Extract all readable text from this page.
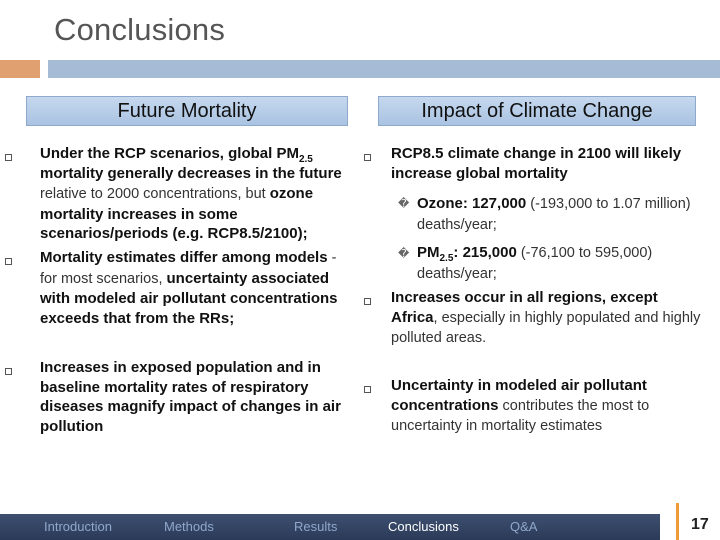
Conclusions
Future Mortality
Under the RCP scenarios, global $PM_{2.5}$ mortality generally decreases in the future relative to 2000 concentrations, but ozone mortality increases in some scenarios/periods (e.g. RCP8.5/2100);
Mortality estimates differ among models - for most scenarios, uncertainty associated with modeled air pollutant concentrations exceeds that from the RRs;
Increases in exposed population and in baseline mortality rates of respiratory diseases magnify impact of changes in air pollution
Impact of Climate Change
RCP8.5 climate change in 2100 will likely increase global mortality
� Ozone: 127,000 (-193,000 to 1.07 million) deaths/year;
� $PM_{2.5}$: 215,000 (-76,100 to 595,000) deaths/year;
Increases occur in all regions, except Africa, especially in highly populated and highly polluted areas.
Uncertainty in modeled air pollutant concentrations contributes the most to uncertainty in mortality estimates
Introduction	Methods	Results	Conclusions	Q&A	17
